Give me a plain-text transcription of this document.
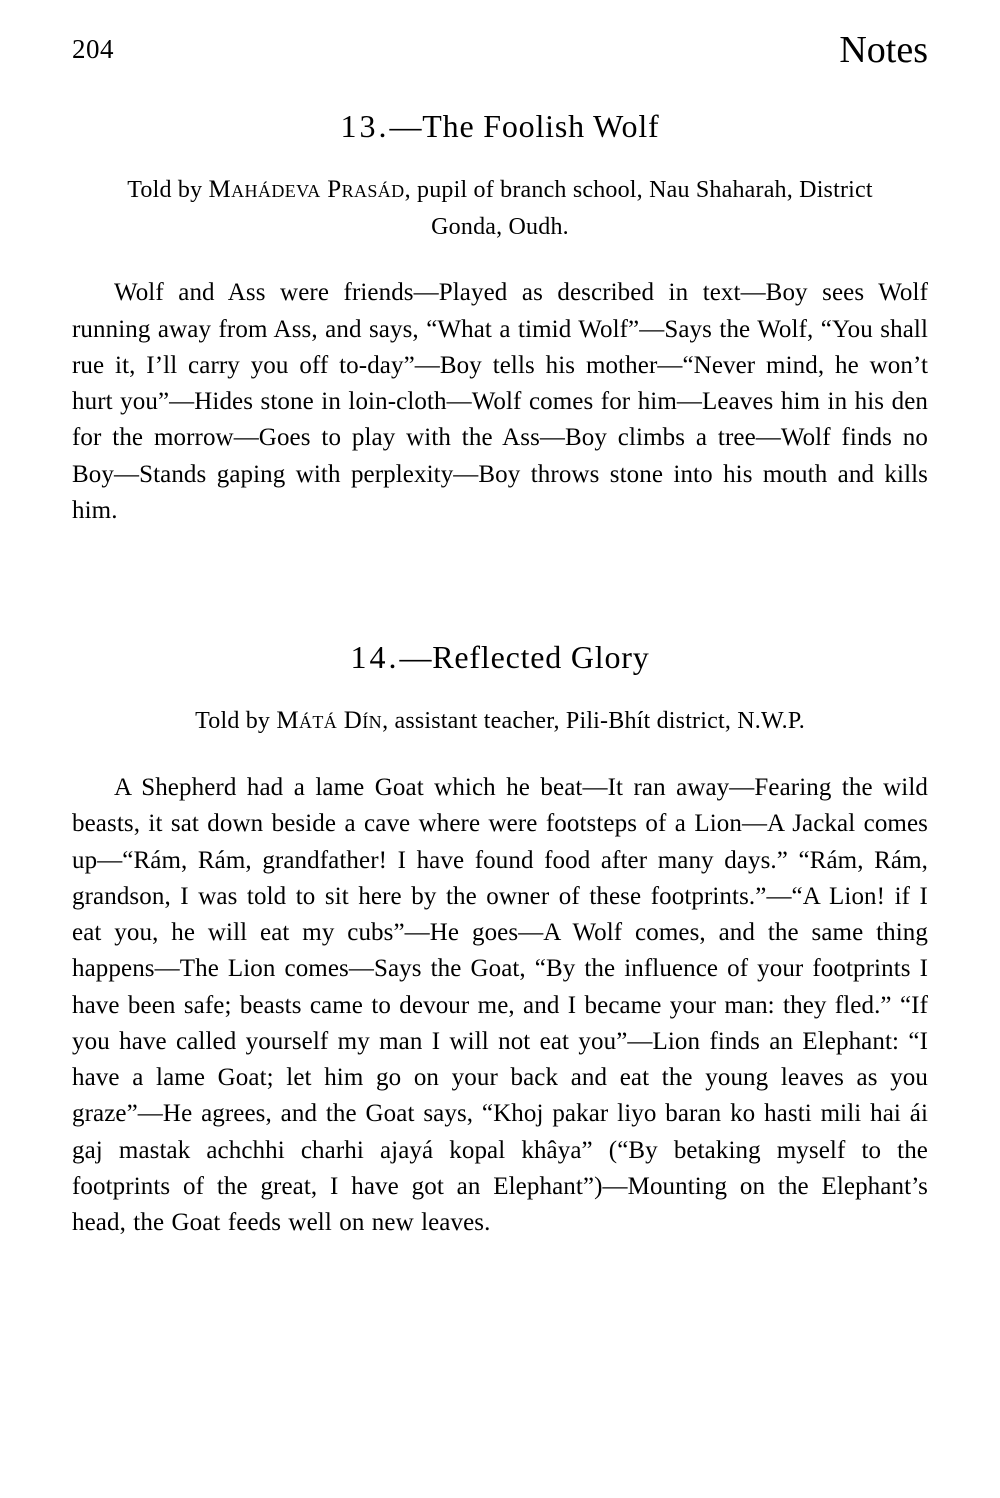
204	Notes
13.—The Foolish Wolf

Told by Mahádeva Prasád, pupil of branch school, Nau Shaharah, District Gonda, Oudh.

Wolf and Ass were friends—Played as described in text—Boy sees Wolf running away from Ass, and says, “What a timid Wolf”—Says the Wolf, “You shall rue it, I’ll carry you off to-day”—Boy tells his mother—“Never mind, he won’t hurt you”—Hides stone in loin-cloth—Wolf comes for him—Leaves him in his den for the morrow—Goes to play with the Ass—Boy climbs a tree—Wolf finds no Boy—Stands gaping with perplexity—Boy throws stone into his mouth and kills him.

14.—Reflected Glory

Told by Mátá Dín, assistant teacher, Pili-Bhít district, N.W.P.

A Shepherd had a lame Goat which he beat—It ran away—Fearing the wild beasts, it sat down beside a cave where were footsteps of a Lion—A Jackal comes up—“Rám, Rám, grandfather! I have found food after many days.” “Rám, Rám, grandson, I was told to sit here by the owner of these footprints.”—“A Lion! if I eat you, he will eat my cubs”—He goes—A Wolf comes, and the same thing happens—The Lion comes—Says the Goat, “By the influence of your footprints I have been safe; beasts came to devour me, and I became your man: they fled.” “If you have called yourself my man I will not eat you”—Lion finds an Elephant: “I have a lame Goat; let him go on your back and eat the young leaves as you graze”—He agrees, and the Goat says, “Khoj pakar liyo baran ko hasti mili hai ái gaj mastak achchhi charhi ajayá kopal khâya” (“By betaking myself to the footprints of the great, I have got an Elephant”)—Mounting on the Elephant’s head, the Goat feeds well on new leaves.
